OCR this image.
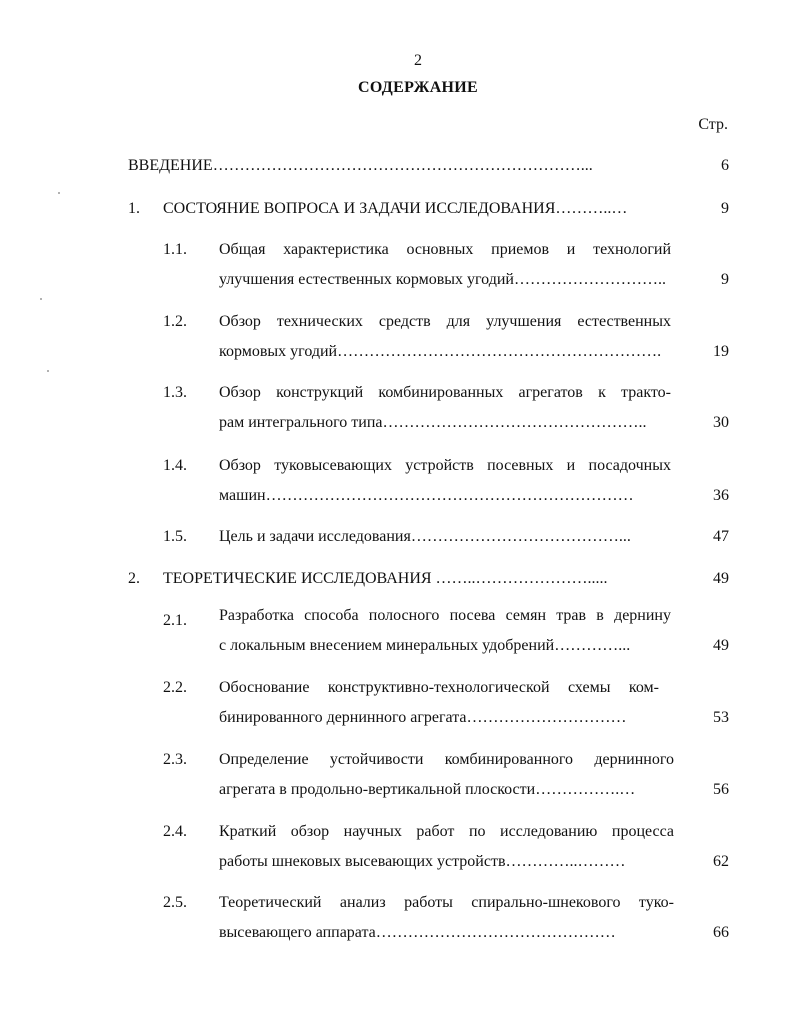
2
СОДЕРЖАНИЕ
Стр.
ВВЕДЕНИЕ……………………………………………………………...	6
1. СОСТОЯНИЕ ВОПРОСА И ЗАДАЧИ ИССЛЕДОВАНИЯ………..…	9
1.1. Общая характеристика основных приемов и технологий
улучшения естественных кормовых угодий………………………..	9
1.2. Обзор технических средств для улучшения естественных
кормовых угодий…………………………………………………….	19
1.3. Обзор конструкций комбинированных агрегатов к тракто-
рам интегрального типа…………………………………………..	30
1.4. Обзор туковысевающих устройств посевных и посадочных
машин……………………………………………………………	36
1.5. Цель и задачи исследования…………………………………...	47
2. ТЕОРЕТИЧЕСКИЕ ИССЛЕДОВАНИЯ ……..………………….....	49
2.1. Разработка способа полосного посева семян трав в дернину
с локальным внесением минеральных удобрений…………...	49
2.2. Обоснование конструктивно-технологической схемы ком-
бинированного дернинного агрегата…………………………	53
2.3. Определение устойчивости комбинированного дернинного
агрегата в продольно-вертикальной плоскости…………….…	56
2.4. Краткий обзор научных работ по исследованию процесса
работы шнековых высевающих устройств…………..………	62
2.5. Теоретический анализ работы спирально-шнекового туко-
высевающего аппарата………………………………………	66
